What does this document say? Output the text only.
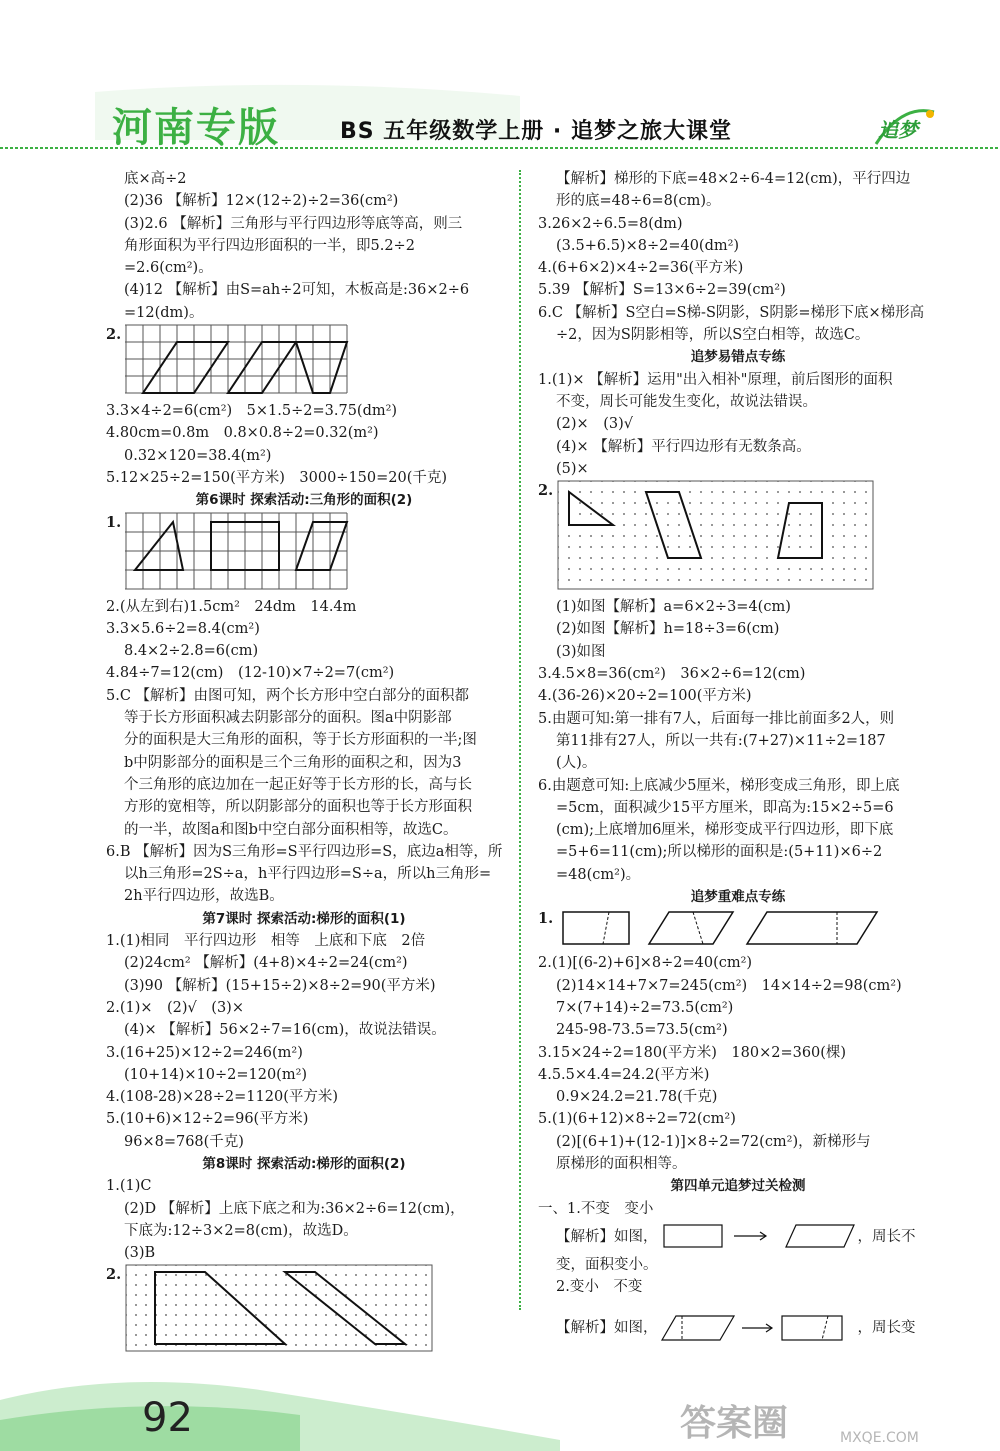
河南专版	BS 五年级数学上册 · 追梦之旅大课堂	追梦
底×高÷2
(2)36 【解析】12×(12÷2)÷2=36(cm²)
(3)2.6 【解析】三角形与平行四边形等底等高，则三
角形面积为平行四边形面积的一半，即5.2÷2
=2.6(cm²)。
(4)12 【解析】由S=ah÷2可知，木板高是:36×2÷6
=12(dm)。
2.
3.3×4÷2=6(cm²)　5×1.5÷2=3.75(dm²)
4.80cm=0.8m　0.8×0.8÷2=0.32(m²)
0.32×120=38.4(m²)
5.12×25÷2=150(平方米)　3000÷150=20(千克)
第6课时 探索活动:三角形的面积(2)
1.
2.(从左到右)1.5cm²　24dm　14.4m
3.3×5.6÷2=8.4(cm²)
8.4×2÷2.8=6(cm)
4.84÷7=12(cm)　(12-10)×7÷2=7(cm²)
5.C 【解析】由图可知，两个长方形中空白部分的面积都
等于长方形面积减去阴影部分的面积。图a中阴影部
分的面积是大三角形的面积，等于长方形面积的一半;图
b中阴影部分的面积是三个三角形的面积之和，因为3
个三角形的底边加在一起正好等于长方形的长，高与长
方形的宽相等，所以阴影部分的面积也等于长方形面积
的一半，故图a和图b中空白部分面积相等，故选C。
6.B 【解析】因为S三角形=S平行四边形=S，底边a相等，所
以h三角形=2S÷a，h平行四边形=S÷a，所以h三角形=
2h平行四边形，故选B。
第7课时 探索活动:梯形的面积(1)
1.(1)相同　平行四边形　相等　上底和下底　2倍
(2)24cm² 【解析】(4+8)×4÷2=24(cm²)
(3)90 【解析】(15+15÷2)×8÷2=90(平方米)
2.(1)×　(2)√　(3)×
(4)× 【解析】56×2÷7=16(cm)，故说法错误。
3.(16+25)×12÷2=246(m²)
(10+14)×10÷2=120(m²)
4.(108-28)×28÷2=1120(平方米)
5.(10+6)×12÷2=96(平方米)
96×8=768(千克)
第8课时 探索活动:梯形的面积(2)
1.(1)C
(2)D 【解析】上底下底之和为:36×2÷6=12(cm)，
下底为:12÷3×2=8(cm)，故选D。
(3)B
2.
【解析】梯形的下底=48×2÷6-4=12(cm)，平行四边
形的底=48÷6=8(cm)。
3.26×2÷6.5=8(dm)
(3.5+6.5)×8÷2=40(dm²)
4.(6+6×2)×4÷2=36(平方米)
5.39 【解析】S=13×6÷2=39(cm²)
6.C 【解析】S空白=S梯-S阴影，S阴影=梯形下底×梯形高
÷2，因为S阴影相等，所以S空白相等，故选C。
追梦易错点专练
1.(1)× 【解析】运用"出入相补"原理，前后图形的面积
不变，周长可能发生变化，故说法错误。
(2)×　(3)√
(4)× 【解析】平行四边形有无数条高。
(5)×
2.
(1)如图【解析】a=6×2÷3=4(cm)
(2)如图【解析】h=18÷3=6(cm)
(3)如图
3.4.5×8=36(cm²)　36×2÷6=12(cm)
4.(36-26)×20÷2=100(平方米)
5.由题可知:第一排有7人，后面每一排比前面多2人，则
第11排有27人，所以一共有:(7+27)×11÷2=187
(人)。
6.由题意可知:上底减少5厘米，梯形变成三角形，即上底
=5cm，面积减少15平方厘米，即高为:15×2÷5=6
(cm);上底增加6厘米，梯形变成平行四边形，即下底
=5+6=11(cm);所以梯形的面积是:(5+11)×6÷2
=48(cm²)。
追梦重难点专练
1.
2.(1)[(6-2)+6]×8÷2=40(cm²)
(2)14×14+7×7=245(cm²)　14×14÷2=98(cm²)
7×(7+14)÷2=73.5(cm²)
245-98-73.5=73.5(cm²)
3.15×24÷2=180(平方米)　180×2=360(棵)
4.5.5×4.4=24.2(平方米)
0.9×24.2=21.78(千克)
5.(1)(6+12)×8÷2=72(cm²)
(2)[(6+1)+(12-1)]×8÷2=72(cm²)，新梯形与
原梯形的面积相等。
第四单元追梦过关检测
一、1.不变　变小
【解析】如图，	，周长不
变，面积变小。
2.变小　不变
【解析】如图，	，周长变
92	答案圈	MXQE.COM
